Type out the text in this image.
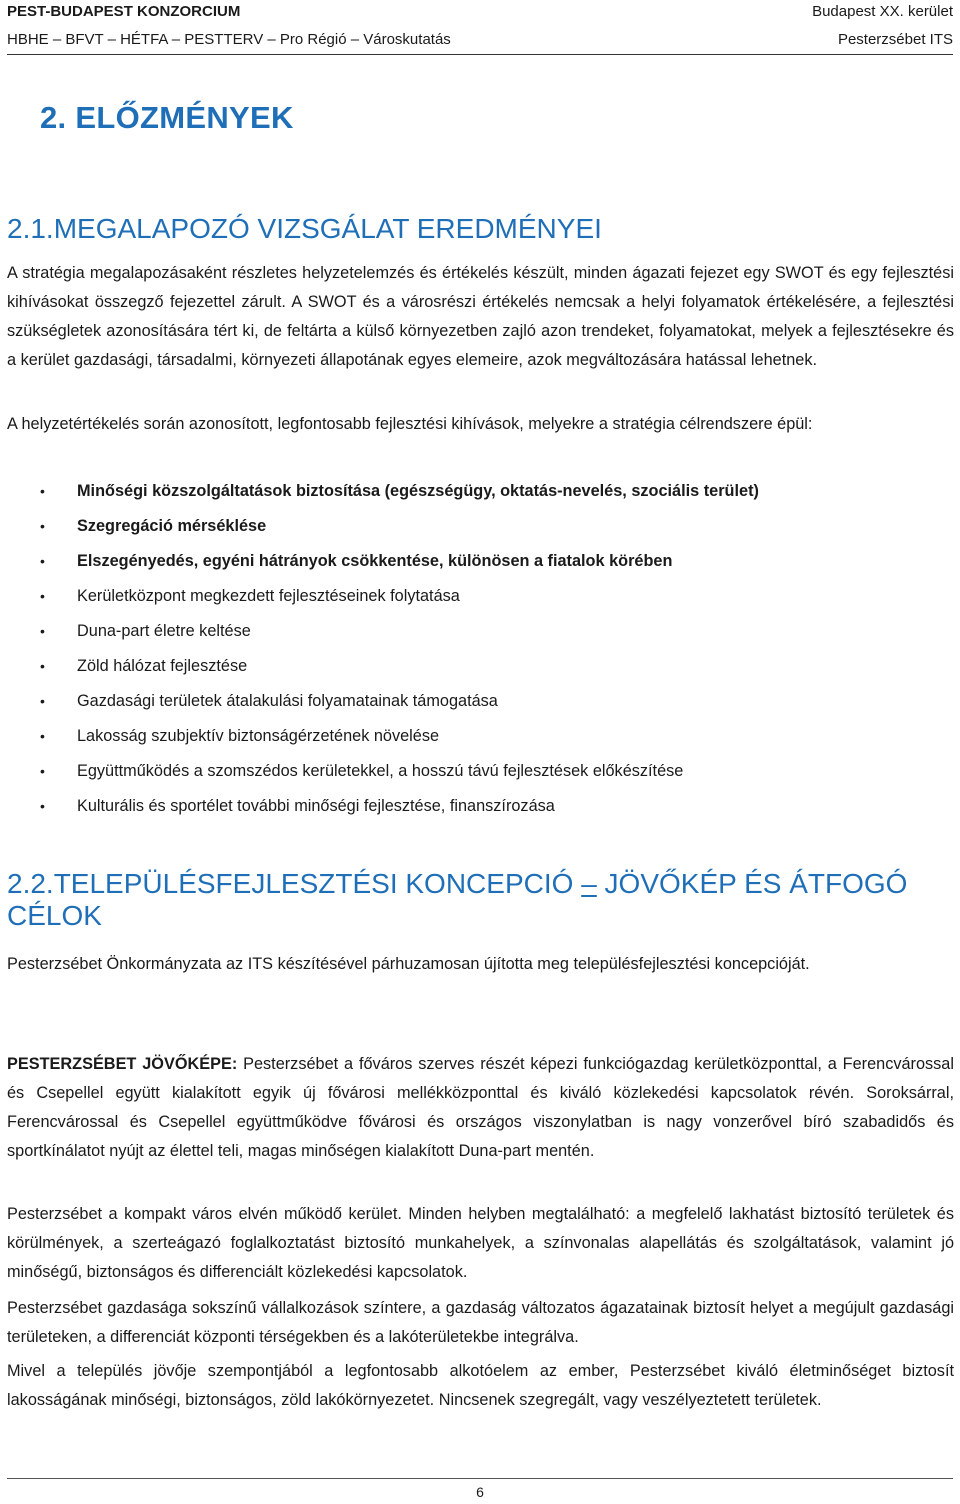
PEST-BUDAPEST KONZORCIUM	Budapest XX. kerület
HBHE – BFVT – HÉTFA – PESTTERV – Pro Régió – Városkutatás	Pesterzsébet ITS
2. ELŐZMÉNYEK
2.1.MEGALAPOZÓ VIZSGÁLAT EREDMÉNYEI

A stratégia megalapozásaként részletes helyzetelemzés és értékelés készült, minden ágazati fejezet egy SWOT és egy fejlesztési kihívásokat összegző fejezettel zárult. A SWOT és a városrészi értékelés nemcsak a helyi folyamatok értékelésére, a fejlesztési szükségletek azonosítására tért ki, de feltárta a külső környezetben zajló azon trendeket, folyamatokat, melyek a fejlesztésekre és a kerület gazdasági, társadalmi, környezeti állapotának egyes elemeire, azok megváltozására hatással lehetnek.

A helyzetértékelés során azonosított, legfontosabb fejlesztési kihívások, melyekre a stratégia célrendszere épül:

• Minőségi közszolgáltatások biztosítása (egészségügy, oktatás-nevelés, szociális terület)
• Szegregáció mérséklése
• Elszegényedés, egyéni hátrányok csökkentése, különösen a fiatalok körében
• Kerületközpont megkezdett fejlesztéseinek folytatása
• Duna-part életre keltése
• Zöld hálózat fejlesztése
• Gazdasági területek átalakulási folyamatainak támogatása
• Lakosság szubjektív biztonságérzetének növelése
• Együttműködés a szomszédos kerületekkel, a hosszú távú fejlesztések előkészítése
• Kulturális és sportélet további minőségi fejlesztése, finanszírozása
2.2.TELEPÜLÉSFEJLESZTÉSI KONCEPCIÓ – JÖVŐKÉP ÉS ÁTFOGÓ CÉLOK

Pesterzsébet Önkormányzata az ITS készítésével párhuzamosan újította meg településfejlesztési koncepcióját.

PESTERZSÉBET JÖVŐKÉPE: Pesterzsébet a főváros szerves részét képezi funkciógazdag kerületközponttal, a Ferencvárossal és Csepellel együtt kialakított egyik új fővárosi mellékközponttal és kiváló közlekedési kapcsolatok révén. Soroksárral, Ferencvárossal és Csepellel együttműködve fővárosi és országos viszonylatban is nagy vonzerővel bíró szabadidős és sportkínálatot nyújt az élettel teli, magas minőségen kialakított Duna-part mentén.

Pesterzsébet a kompakt város elvén működő kerület. Minden helyben megtalálható: a megfelelő lakhatást biztosító területek és körülmények, a szerteágazó foglalkoztatást biztosító munkahelyek, a színvonalas alapellátás és szolgáltatások, valamint jó minőségű, biztonságos és differenciált közlekedési kapcsolatok.

Pesterzsébet gazdasága sokszínű vállalkozások színtere, a gazdaság változatos ágazatainak biztosít helyet a megújult gazdasági területeken, a differenciát központi térségekben és a lakóterületekbe integrálva.

Mivel a település jövője szempontjából a legfontosabb alkotóelem az ember, Pesterzsébet kiváló életminőséget biztosít lakosságának minőségi, biztonságos, zöld lakókörnyezetet. Nincsenek szegregált, vagy veszélyeztetett területek.

6
